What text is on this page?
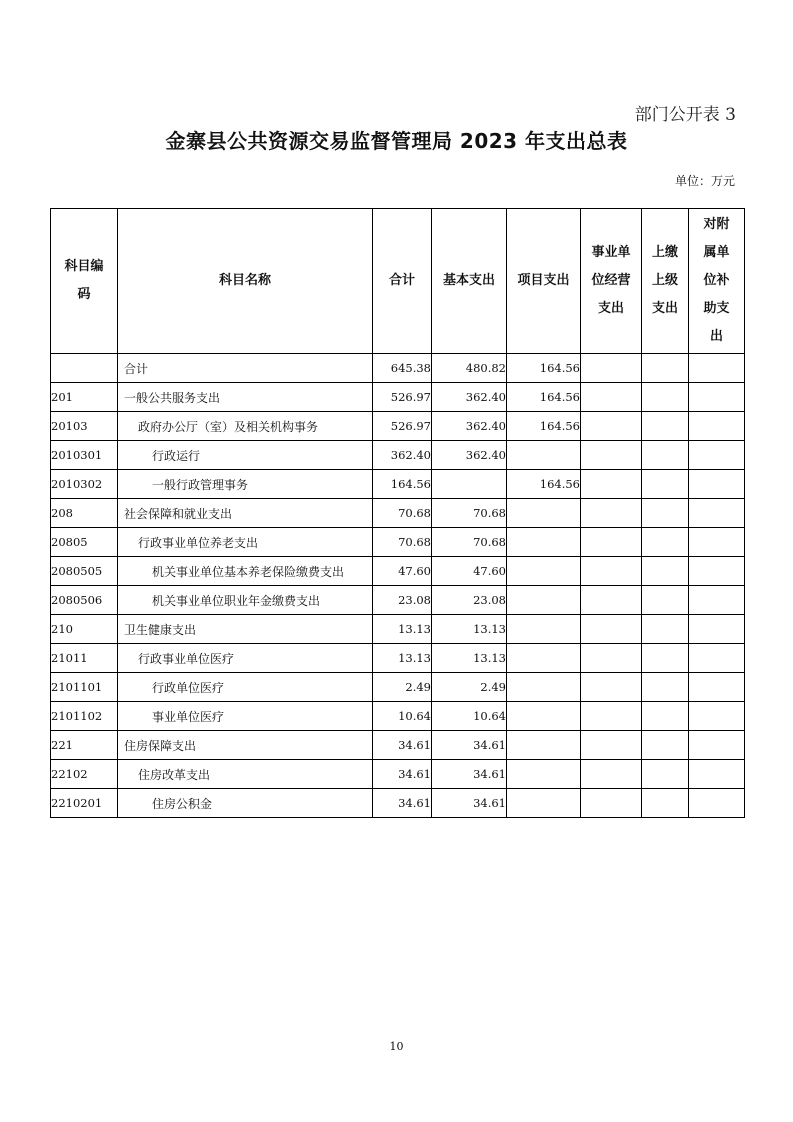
部门公开表 3
金寨县公共资源交易监督管理局 2023 年支出总表
单位：万元
科目编码	科目名称	合计	基本支出	项目支出	事业单位经营支出	上缴上级支出	对附属单位补助支出
	合计	645.38	480.82	164.56			
201	一般公共服务支出	526.97	362.40	164.56			
20103	政府办公厅（室）及相关机构事务	526.97	362.40	164.56			
2010301	行政运行	362.40	362.40				
2010302	一般行政管理事务	164.56		164.56			
208	社会保障和就业支出	70.68	70.68				
20805	行政事业单位养老支出	70.68	70.68				
2080505	机关事业单位基本养老保险缴费支出	47.60	47.60				
2080506	机关事业单位职业年金缴费支出	23.08	23.08				
210	卫生健康支出	13.13	13.13				
21011	行政事业单位医疗	13.13	13.13				
2101101	行政单位医疗	2.49	2.49				
2101102	事业单位医疗	10.64	10.64				
221	住房保障支出	34.61	34.61				
22102	住房改革支出	34.61	34.61				
2210201	住房公积金	34.61	34.61				
10
